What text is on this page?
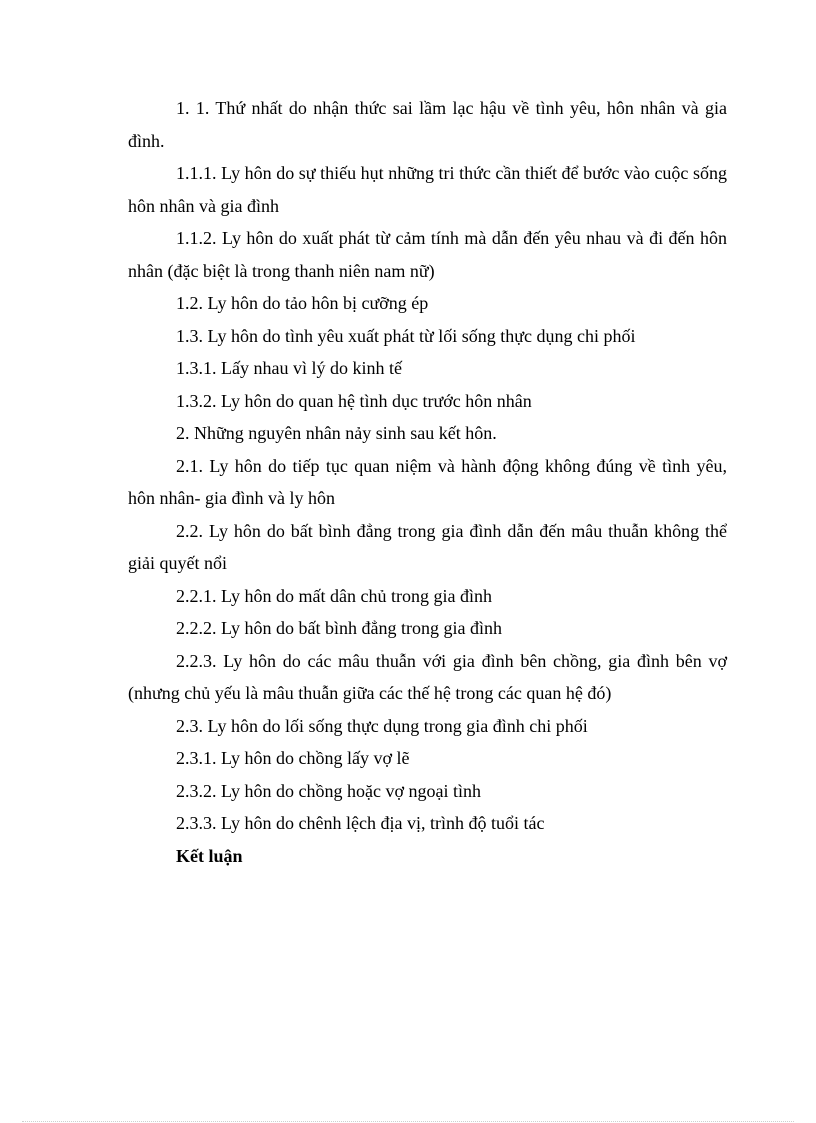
1. 1. Thứ nhất do nhận thức sai lầm lạc hậu về tình yêu, hôn nhân và gia đình.

1.1.1. Ly hôn do sự thiếu hụt những tri thức cần thiết để bước vào cuộc sống hôn nhân và gia đình

1.1.2. Ly hôn do xuất phát từ cảm tính mà dẫn đến yêu nhau và đi đến hôn nhân (đặc biệt là trong thanh niên nam nữ)

1.2. Ly hôn do tảo hôn bị cưỡng ép

1.3. Ly hôn do tình yêu xuất phát từ lối sống thực dụng chi phối

1.3.1. Lấy nhau vì lý do kinh tế

1.3.2. Ly hôn do quan hệ tình dục trước hôn nhân

2. Những nguyên nhân nảy sinh sau kết hôn.

2.1. Ly hôn do tiếp tục quan niệm và hành động không đúng về tình yêu, hôn nhân- gia đình và ly hôn

2.2. Ly hôn do bất bình đẳng trong gia đình dẫn đến mâu thuẫn không thể giải quyết nổi

2.2.1. Ly hôn do mất dân chủ trong gia đình

2.2.2. Ly hôn do bất bình đẳng trong gia đình

2.2.3. Ly hôn do các mâu thuẫn với gia đình bên chồng, gia đình bên vợ (nhưng chủ yếu là mâu thuẫn giữa các thế hệ trong các quan hệ đó)

2.3. Ly hôn do lối sống thực dụng trong gia đình chi phối

2.3.1. Ly hôn do chồng lấy vợ lẽ

2.3.2. Ly hôn do chồng hoặc vợ ngoại tình

2.3.3. Ly hôn do chênh lệch địa vị, trình độ tuổi tác

Kết luận
